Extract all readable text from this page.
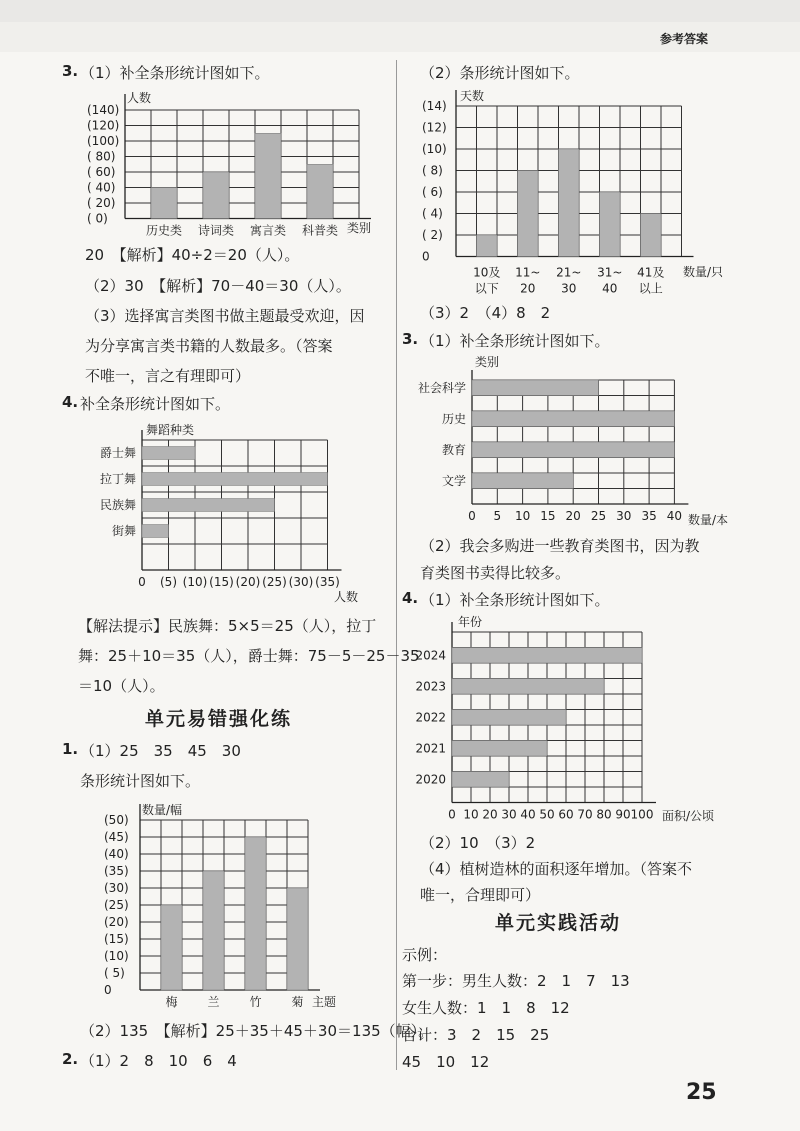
参考答案
3. （1）补全条形统计图如下。
人数
类别
(140)
(120)
(100)
( 80)
( 60)
( 40)
( 20)
( 0)
历史类 诗词类 寓言类 科普类
20　【解析】40÷2＝20（人）。
（2）30　【解析】70－40＝30（人）。
（3）选择寓言类图书做主题最受欢迎，因
为分享寓言类书籍的人数最多。（答案
不唯一，言之有理即可）
4. 补全条形统计图如下。
舞蹈种类
人数
0 (5) (10) (15) (20) (25) (30) (35)
爵士舞
拉丁舞
民族舞
街舞
【解法提示】民族舞：5×5＝25（人），拉丁
舞：25＋10＝35（人），爵士舞：75－5－25－35
＝10（人）。
单元易错强化练
1. （1）25　35　45　30
条形统计图如下。
数量/幅
主题
(50)
(45)
(40)
(35)
(30)
(25)
(20)
(15)
(10)
( 5)
0
梅 兰 竹 菊
（2）135　【解析】25＋35＋45＋30＝135（幅）。
2. （1）2　8　10　6　4
（2）条形统计图如下。
天数
数量/只
(14)
(12)
(10)
( 8)
( 6)
( 4)
( 2)
0
10及
以下
11~
20
21~
30
31~
40
41及
以上
（3）2　（4）8　2
3. （1）补全条形统计图如下。
类别
数量/本
0 5 10 15 20 25 30 35 40
社会科学
历史
教育
文学
（2）我会多购进一些教育类图书，因为教
育类图书卖得比较多。
4. （1）补全条形统计图如下。
年份
面积/公顷
0 10 20 30 40 50 60 70 80 90 100
2024
2023
2022
2021
2020
（2）10　（3）2
（4）植树造林的面积逐年增加。（答案不
唯一，合理即可）
单元实践活动
示例：
第一步：男生人数：2　1　7　13
女生人数：1　1　8　12
合计：3　2　15　25
45　10　12
25
